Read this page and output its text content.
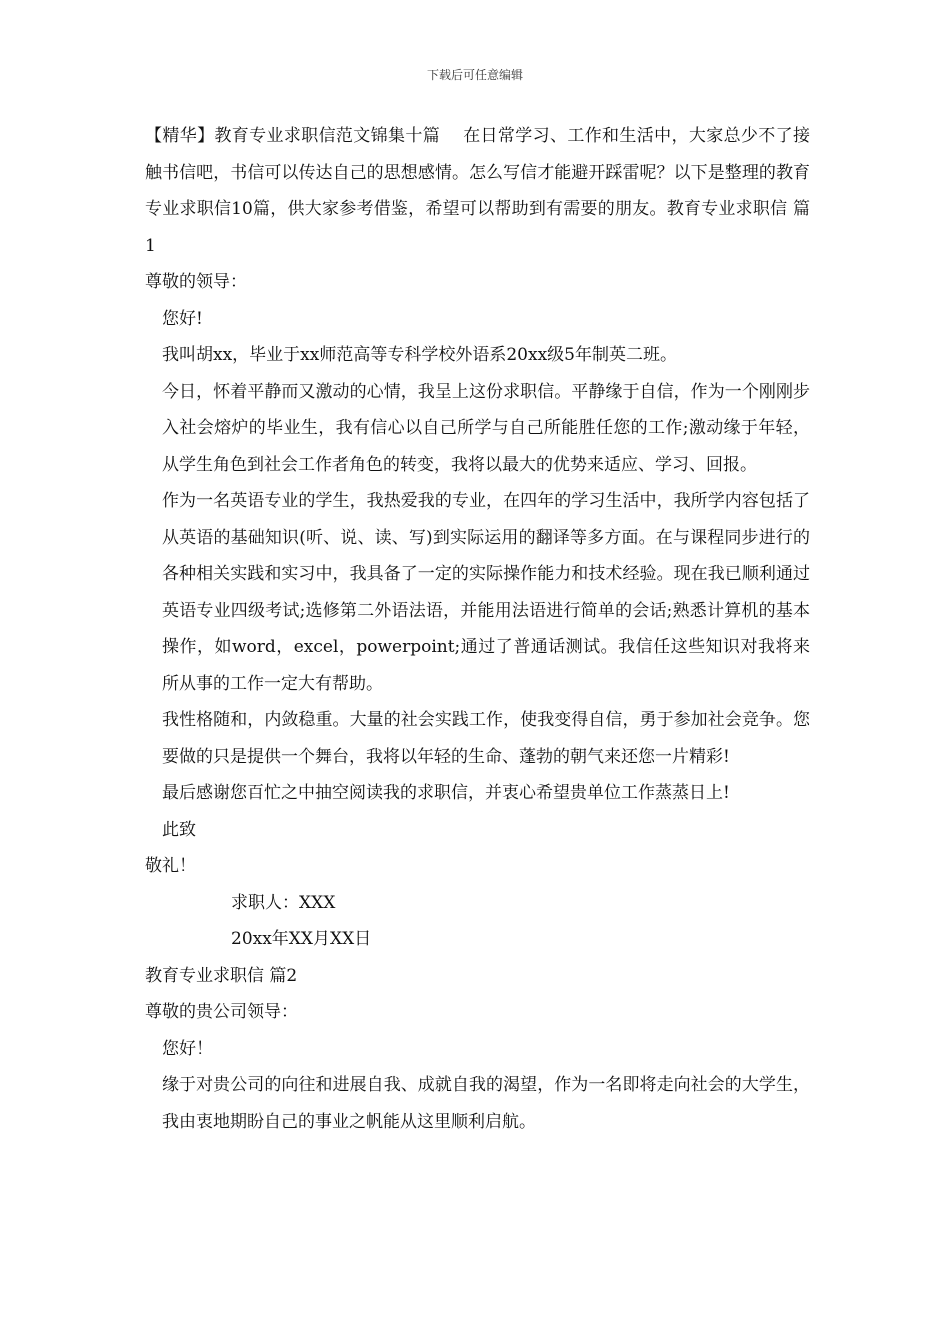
下载后可任意编辑

【精华】教育专业求职信范文锦集十篇　 在日常学习、工作和生活中，大家总少不了接触书信吧，书信可以传达自己的思想感情。怎么写信才能避开踩雷呢？以下是整理的教育专业求职信10篇，供大家参考借鉴，希望可以帮助到有需要的朋友。教育专业求职信 篇1

尊敬的领导：

您好!

我叫胡xx，毕业于xx师范高等专科学校外语系20xx级5年制英二班。

今日，怀着平静而又激动的心情，我呈上这份求职信。平静缘于自信，作为一个刚刚步入社会熔炉的毕业生，我有信心以自己所学与自己所能胜任您的工作;激动缘于年轻，从学生角色到社会工作者角色的转变，我将以最大的优势来适应、学习、回报。

作为一名英语专业的学生，我热爱我的专业，在四年的学习生活中，我所学内容包括了从英语的基础知识(听、说、读、写)到实际运用的翻译等多方面。在与课程同步进行的各种相关实践和实习中，我具备了一定的实际操作能力和技术经验。现在我已顺利通过英语专业四级考试;选修第二外语法语，并能用法语进行简单的会话;熟悉计算机的基本操作，如word，excel，powerpoint;通过了普通话测试。我信任这些知识对我将来所从事的工作一定大有帮助。

我性格随和，内敛稳重。大量的社会实践工作，使我变得自信，勇于参加社会竞争。您要做的只是提供一个舞台，我将以年轻的生命、蓬勃的朝气来还您一片精彩!

最后感谢您百忙之中抽空阅读我的求职信，并衷心希望贵单位工作蒸蒸日上!

此致

敬礼！

求职人：XXX

20xx年XX月XX日

教育专业求职信 篇2

尊敬的贵公司领导：

您好！

缘于对贵公司的向往和进展自我、成就自我的渴望，作为一名即将走向社会的大学生，我由衷地期盼自己的事业之帆能从这里顺利启航。
